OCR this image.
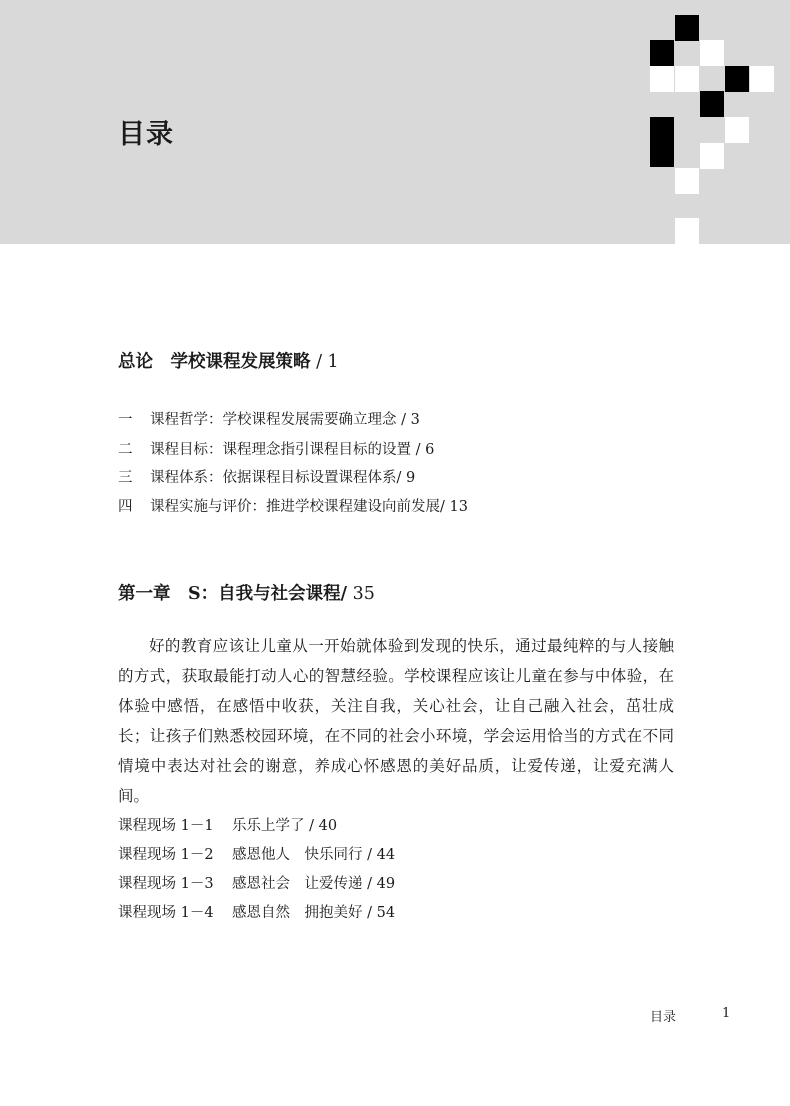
目录
总论　学校课程发展策略 / 1
一	课程哲学：学校课程发展需要确立理念 / 3
二	课程目标：课程理念指引课程目标的设置 / 6
三	课程体系：依据课程目标设置课程体系/ 9
四	课程实施与评价：推进学校课程建设向前发展/ 13
第一章　S：自我与社会课程/ 35

好的教育应该让儿童从一开始就体验到发现的快乐，通过最纯粹的与人接触的方式，获取最能打动人心的智慧经验。学校课程应该让儿童在参与中体验，在体验中感悟，在感悟中收获，关注自我，关心社会，让自己融入社会，茁壮成长；让孩子们熟悉校园环境，在不同的社会小环境，学会运用恰当的方式在不同情境中表达对社会的谢意，养成心怀感恩的美好品质，让爱传递，让爱充满人间。

课程现场 1－1 乐乐上学了 / 40
课程现场 1－2 感恩他人　快乐同行 / 44
课程现场 1－3 感恩社会　让爱传递 / 49
课程现场 1－4 感恩自然　拥抱美好 / 54
目录	1
